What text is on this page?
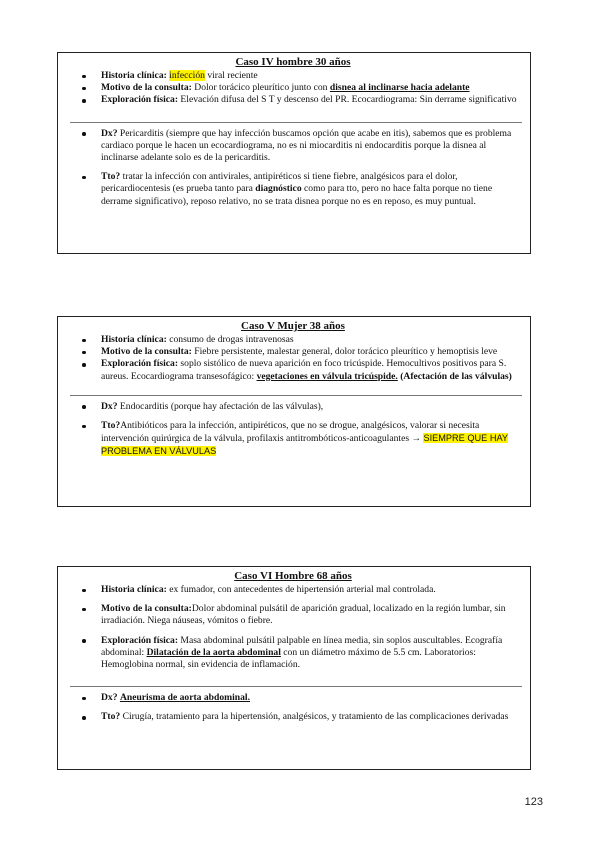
Caso IV hombre 30 años
Historia clínica: infección viral reciente
Motivo de la consulta: Dolor torácico pleurítico junto con disnea al inclinarse hacia adelante
Exploración física: Elevación difusa del S T y descenso del PR. Ecocardiograma: Sin derrame significativo
Dx? Pericarditis (siempre que hay infección buscamos opción que acabe en itis), sabemos que es problema cardiaco porque le hacen un ecocardiograma, no es ni miocarditis ni endocarditis porque la disnea al inclinarse adelante solo es de la pericarditis.
Tto? tratar la infección con antivirales, antipiréticos si tiene fiebre, analgésicos para el dolor, pericardiocentesis (es prueba tanto para diagnóstico como para tto, pero no hace falta porque no tiene derrame significativo), reposo relativo, no se trata disnea porque no es en reposo, es muy puntual.
Caso V Mujer 38 años
Historia clínica: consumo de drogas intravenosas
Motivo de la consulta: Fiebre persistente, malestar general, dolor torácico pleurítico y hemoptisis leve
Exploración física: soplo sistólico de nueva aparición en foco tricúspide. Hemocultivos positivos para S. aureus. Ecocardiograma transesofágico: vegetaciones en válvula tricúspide. (Afectación de las válvulas)
Dx? Endocarditis (porque hay afectación de las válvulas),
Tto?Antibióticos para la infección, antipiréticos, que no se drogue, analgésicos, valorar si necesita intervención quirúrgica de la válvula, profilaxis antitrombóticos-anticoagulantes → SIEMPRE QUE HAY PROBLEMA EN VÁLVULAS
Caso VI Hombre 68 años
Historia clínica: ex fumador, con antecedentes de hipertensión arterial mal controlada.
Motivo de la consulta:Dolor abdominal pulsátil de aparición gradual, localizado en la región lumbar, sin irradiación. Niega náuseas, vómitos o fiebre.
Exploración física: Masa abdominal pulsátil palpable en línea media, sin soplos auscultables. Ecografía abdominal: Dilatación de la aorta abdominal con un diámetro máximo de 5.5 cm. Laboratorios: Hemoglobina normal, sin evidencia de inflamación.
Dx? Aneurisma de aorta abdominal.
Tto? Cirugía, tratamiento para la hipertensión, analgésicos, y tratamiento de las complicaciones derivadas
123
